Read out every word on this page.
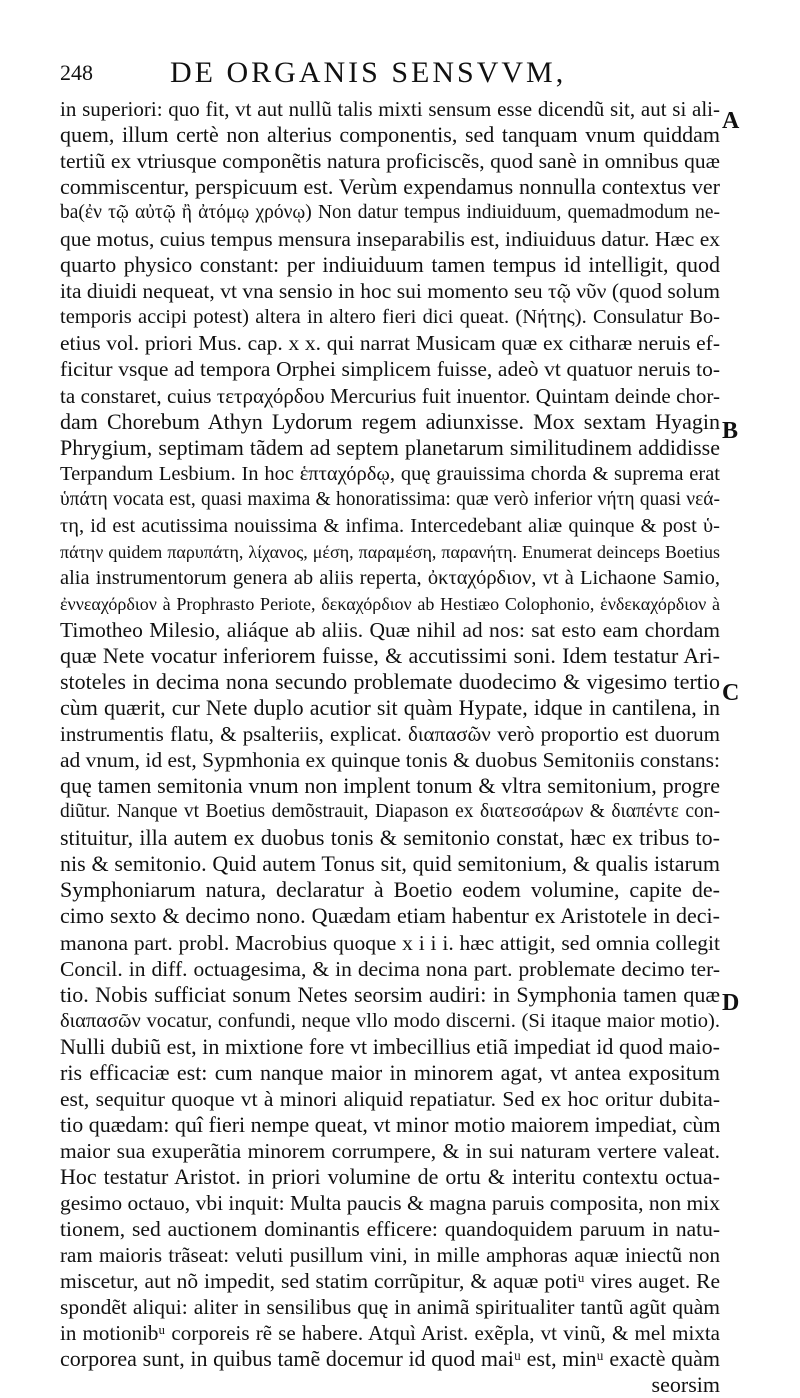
248	DE ORGANIS SENSVVM,
in superiori: quo fit, vt aut nullũ talis mixti sensum esse dicendũ sit, aut si ali-
quem, illum certè non alterius componentis, sed tanquam vnum quiddam
tertiũ ex vtriusque componẽtis natura proficiscẽs, quod sanè in omnibus quæ
commiscentur, perspicuum est. Verùm expendamus nonnulla contextus ver
ba(ἐν τῷ αὐτῷ ἢ ἀτόμῳ χρόνῳ) Non datur tempus indiuiduum, quemadmodum ne-
que motus, cuius tempus mensura inseparabilis est, indiuiduus datur. Hæc ex
quarto physico constant: per indiuiduum tamen tempus id intelligit, quod
ita diuidi nequeat, vt vna sensio in hoc sui momento seu τῷ νῦν (quod solum
temporis accipi potest) altera in altero fieri dici queat. (Νήτης). Consulatur Bo-
etius vol. priori Mus. cap. x x. qui narrat Musicam quæ ex citharæ neruis ef-
ficitur vsque ad tempora Orphei simplicem fuisse, adeò vt quatuor neruis to-
ta constaret, cuius τετραχόρδου Mercurius fuit inuentor. Quintam deinde chor-
dam Chorebum Athyn Lydorum regem adiunxisse. Mox sextam Hyagin
Phrygium, septimam tãdem ad septem planetarum similitudinem addidisse
Terpandum Lesbium. In hoc ἑπταχόρδῳ, quę grauissima chorda & suprema erat
ὑπάτη vocata est, quasi maxima & honoratissima: quæ verò inferior νήτη quasi νεά-
τη, id est acutissima nouissima & infima. Intercedebant aliæ quinque & post ὑ-
πάτην quidem παρυπάτη, λίχανος, μέση, παραμέση, παρανήτη. Enumerat deinceps Boetius
alia instrumentorum genera ab aliis reperta, ὀκταχόρδιον, vt à Lichaone Samio,
ἐννεαχόρδιον à Prophrasto Periote, δεκαχόρδιον ab Hestiæo Colophonio, ἑνδεκαχόρδιον à
Timotheo Milesio, aliáque ab aliis. Quæ nihil ad nos: sat esto eam chordam
quæ Nete vocatur inferiorem fuisse, & accutissimi soni. Idem testatur Ari-
stoteles in decima nona secundo problemate duodecimo & vigesimo tertio
cùm quærit, cur Nete duplo acutior sit quàm Hypate, idque in cantilena, in
instrumentis flatu, & psalteriis, explicat. διαπασῶν verò proportio est duorum
ad vnum, id est, Sypmhonia ex quinque tonis & duobus Semitoniis constans:
quę tamen semitonia vnum non implent tonum & vltra semitonium, progre
diũtur. Nanque vt Boetius demõstrauit, Diapason ex διατεσσάρων & διαπέντε con-
stituitur, illa autem ex duobus tonis & semitonio constat, hæc ex tribus to-
nis & semitonio. Quid autem Tonus sit, quid semitonium, & qualis istarum
Symphoniarum natura, declaratur à Boetio eodem volumine, capite de-
cimo sexto & decimo nono. Quædam etiam habentur ex Aristotele in deci-
manona part. probl. Macrobius quoque x i i i. hæc attigit, sed omnia collegit
Concil. in diff. octuagesima, & in decima nona part. problemate decimo ter-
tio. Nobis sufficiat sonum Netes seorsim audiri: in Symphonia tamen quæ
διαπασῶν vocatur, confundi, neque vllo modo discerni. (Si itaque maior motio).
Nulli dubiũ est, in mixtione fore vt imbecillius etiã impediat id quod maio-
ris efficaciæ est: cum nanque maior in minorem agat, vt antea expositum
est, sequitur quoque vt à minori aliquid repatiatur. Sed ex hoc oritur dubita-
tio quædam: quî fieri nempe queat, vt minor motio maiorem impediat, cùm
maior sua exuperãtia minorem corrumpere, & in sui naturam vertere valeat.
Hoc testatur Aristot. in priori volumine de ortu & interitu contextu octua-
gesimo octauo, vbi inquit: Multa paucis & magna paruis composita, non mix
tionem, sed auctionem dominantis efficere: quandoquidem paruum in natu-
ram maioris trãseat: veluti pusillum vini, in mille amphoras aquæ iniectũ non
miscetur, aut nõ impedit, sed statim corrũpitur, & aquæ potiᵘ vires auget. Re
spondẽt aliqui: aliter in sensilibus quę in animã spiritualiter tantũ agũt quàm
in motionibᵘ corporeis rẽ se habere. Atquì Arist. exẽpla, vt vinũ, & mel mixta
corporea sunt, in quibus tamẽ docemur id quod maiᵘ est, minᵘ exactè quàm
seorsim
A
B
C
D
